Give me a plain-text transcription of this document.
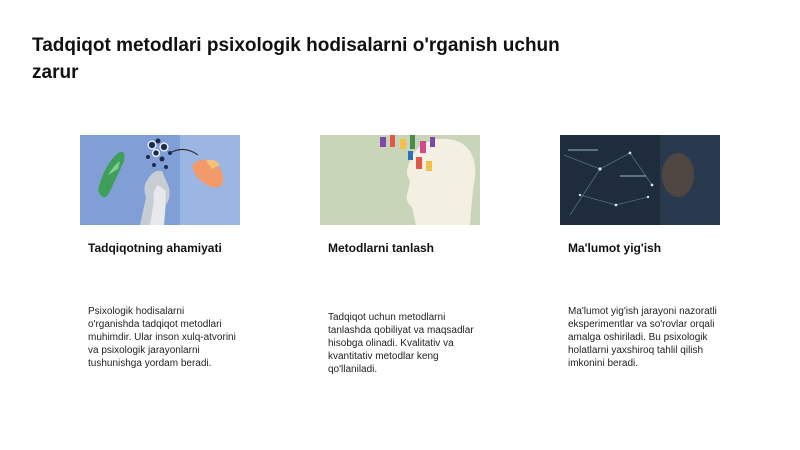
Tadqiqot metodlari psixologik hodisalarni o'rganish uchun zarur
Tadqiqotning ahamiyati
Psixologik hodisalarni o'rganishda tadqiqot metodlari muhimdir. Ular inson xulq-atvorini va psixologik jarayonlarni tushunishga yordam beradi.
Metodlarni tanlash
Tadqiqot uchun metodlarni tanlashda qobiliyat va maqsadlar hisobga olinadi. Kvalitativ va kvantitativ metodlar keng qo'llaniladi.
Ma'lumot yig'ish
Ma'lumot yig'ish jarayoni nazoratli eksperimentlar va so'rovlar orqali amalga oshiriladi. Bu psixologik holatlarni yaxshiroq tahlil qilish imkonini beradi.
